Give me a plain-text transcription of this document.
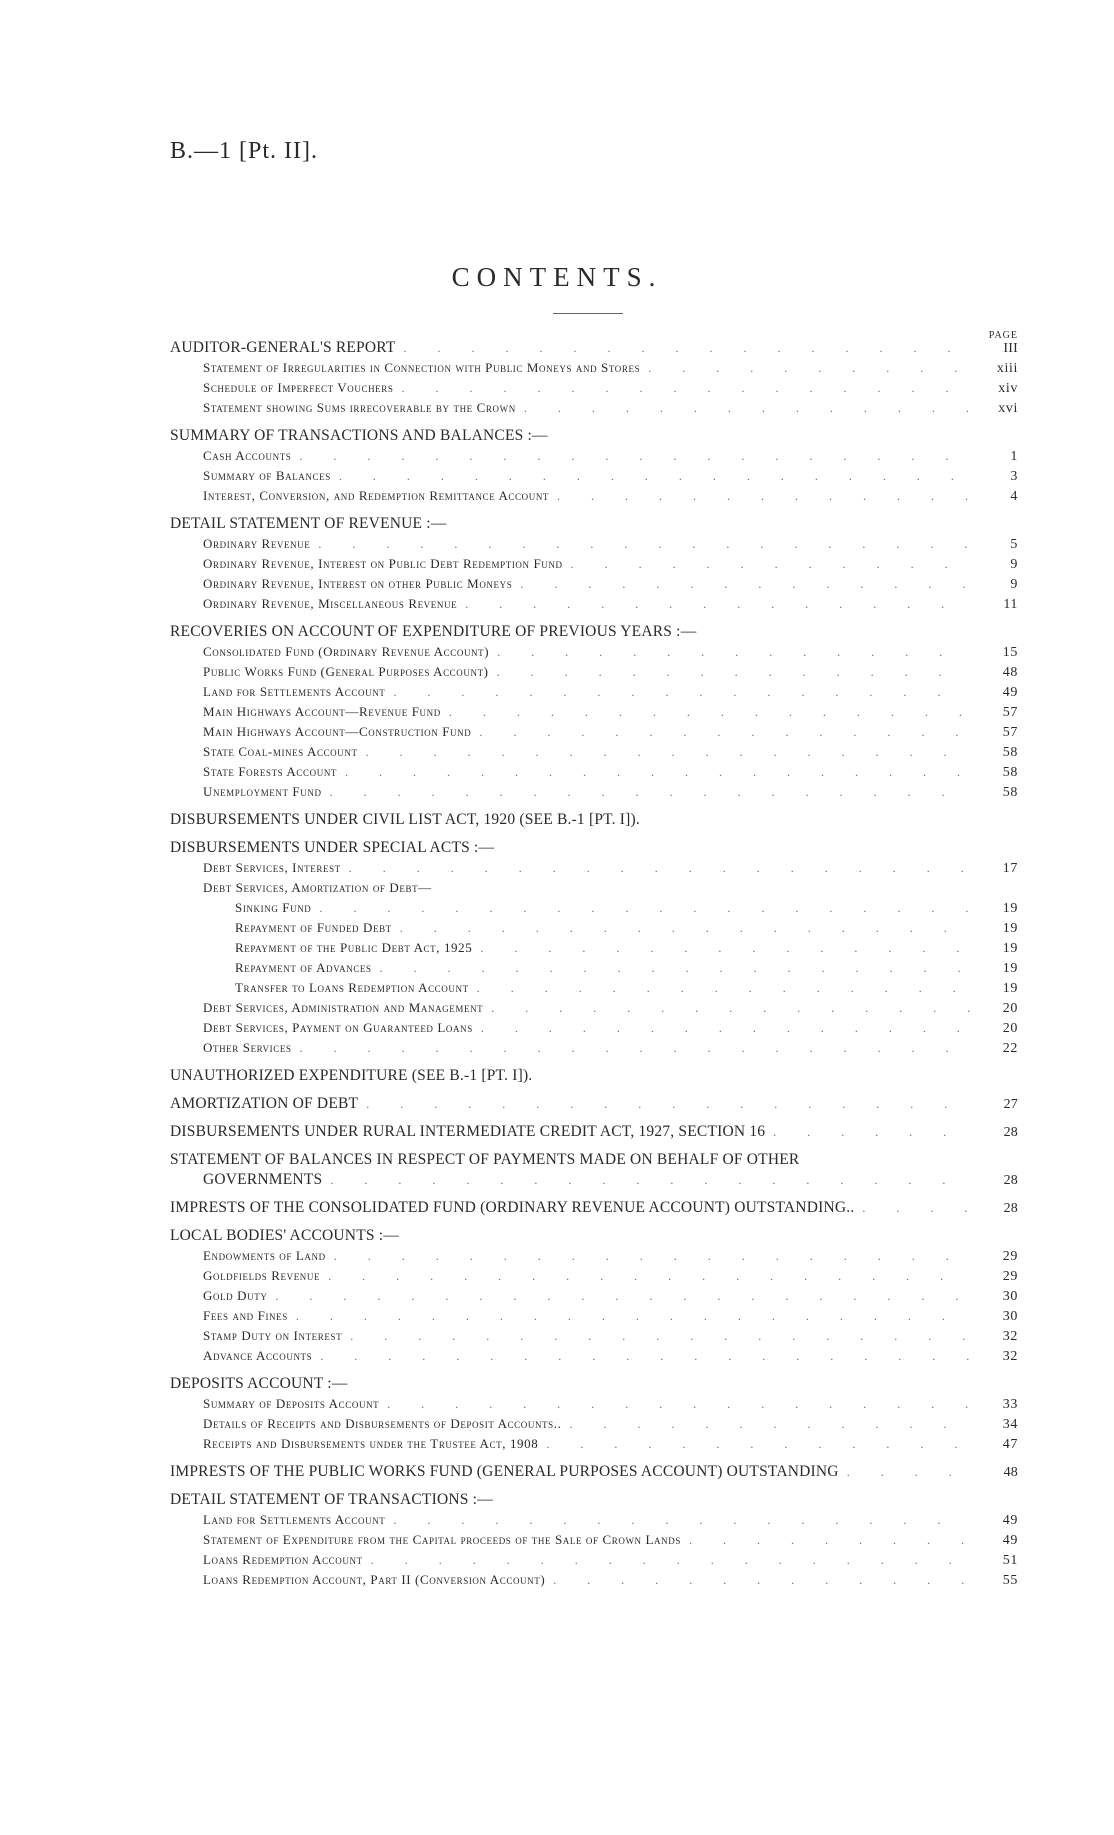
B.—1 [Pt. II].
CONTENTS.
PAGE
AUDITOR-GENERAL'S REPORT . . .	III
Statement of Irregularities in Connection with Public Moneys and Stores . . .	xiii
Schedule of Imperfect Vouchers . . .	xiv
Statement showing Sums irrecoverable by the Crown . . .	xvi
SUMMARY OF TRANSACTIONS AND BALANCES :—
Cash Accounts . . .	1
Summary of Balances . . .	3
Interest, Conversion, and Redemption Remittance Account . . .	4
DETAIL STATEMENT OF REVENUE :—
Ordinary Revenue . . .	5
Ordinary Revenue, Interest on Public Debt Redemption Fund . . .	9
Ordinary Revenue, Interest on other Public Moneys . . .	9
Ordinary Revenue, Miscellaneous Revenue . . .	11
RECOVERIES ON ACCOUNT OF EXPENDITURE OF PREVIOUS YEARS :—
Consolidated Fund (Ordinary Revenue Account) . . .	15
Public Works Fund (General Purposes Account) . . .	48
Land for Settlements Account . . .	49
Main Highways Account—Revenue Fund . . .	57
Main Highways Account—Construction Fund . . .	57
State Coal-mines Account . . .	58
State Forests Account . . .	58
Unemployment Fund . . .	58
DISBURSEMENTS UNDER CIVIL LIST ACT, 1920 (SEE B.-1 [PT. I]).
DISBURSEMENTS UNDER SPECIAL ACTS :—
Debt Services, Interest . . .	17
Debt Services, Amortization of Debt—
Sinking Fund . . .	19
Repayment of Funded Debt . . .	19
Repayment of the Public Debt Act, 1925 . . .	19
Repayment of Advances . . .	19
Transfer to Loans Redemption Account . . .	19
Debt Services, Administration and Management . . .	20
Debt Services, Payment on Guaranteed Loans . . .	20
Other Services . . .	22
UNAUTHORIZED EXPENDITURE (SEE B.-1 [PT. I]).
AMORTIZATION OF DEBT . . .	27
DISBURSEMENTS UNDER RURAL INTERMEDIATE CREDIT ACT, 1927, SECTION 16 . . .	28
STATEMENT OF BALANCES IN RESPECT OF PAYMENTS MADE ON BEHALF OF OTHER
GOVERNMENTS . . .	28
IMPRESTS OF THE CONSOLIDATED FUND (ORDINARY REVENUE ACCOUNT) OUTSTANDING.. . . .	28
LOCAL BODIES' ACCOUNTS :—
Endowments of Land . . .	29
Goldfields Revenue . . .	29
Gold Duty . . .	30
Fees and Fines . . .	30
Stamp Duty on Interest . . .	32
Advance Accounts . . .	32
DEPOSITS ACCOUNT :—
Summary of Deposits Account . . .	33
Details of Receipts and Disbursements of Deposit Accounts.. . . .	34
Receipts and Disbursements under the Trustee Act, 1908 . . .	47
IMPRESTS OF THE PUBLIC WORKS FUND (GENERAL PURPOSES ACCOUNT) OUTSTANDING . . .	48
DETAIL STATEMENT OF TRANSACTIONS :—
Land for Settlements Account . . .	49
Statement of Expenditure from the Capital proceeds of the Sale of Crown Lands . . .	49
Loans Redemption Account . . .	51
Loans Redemption Account, Part II (Conversion Account) . . .	55
